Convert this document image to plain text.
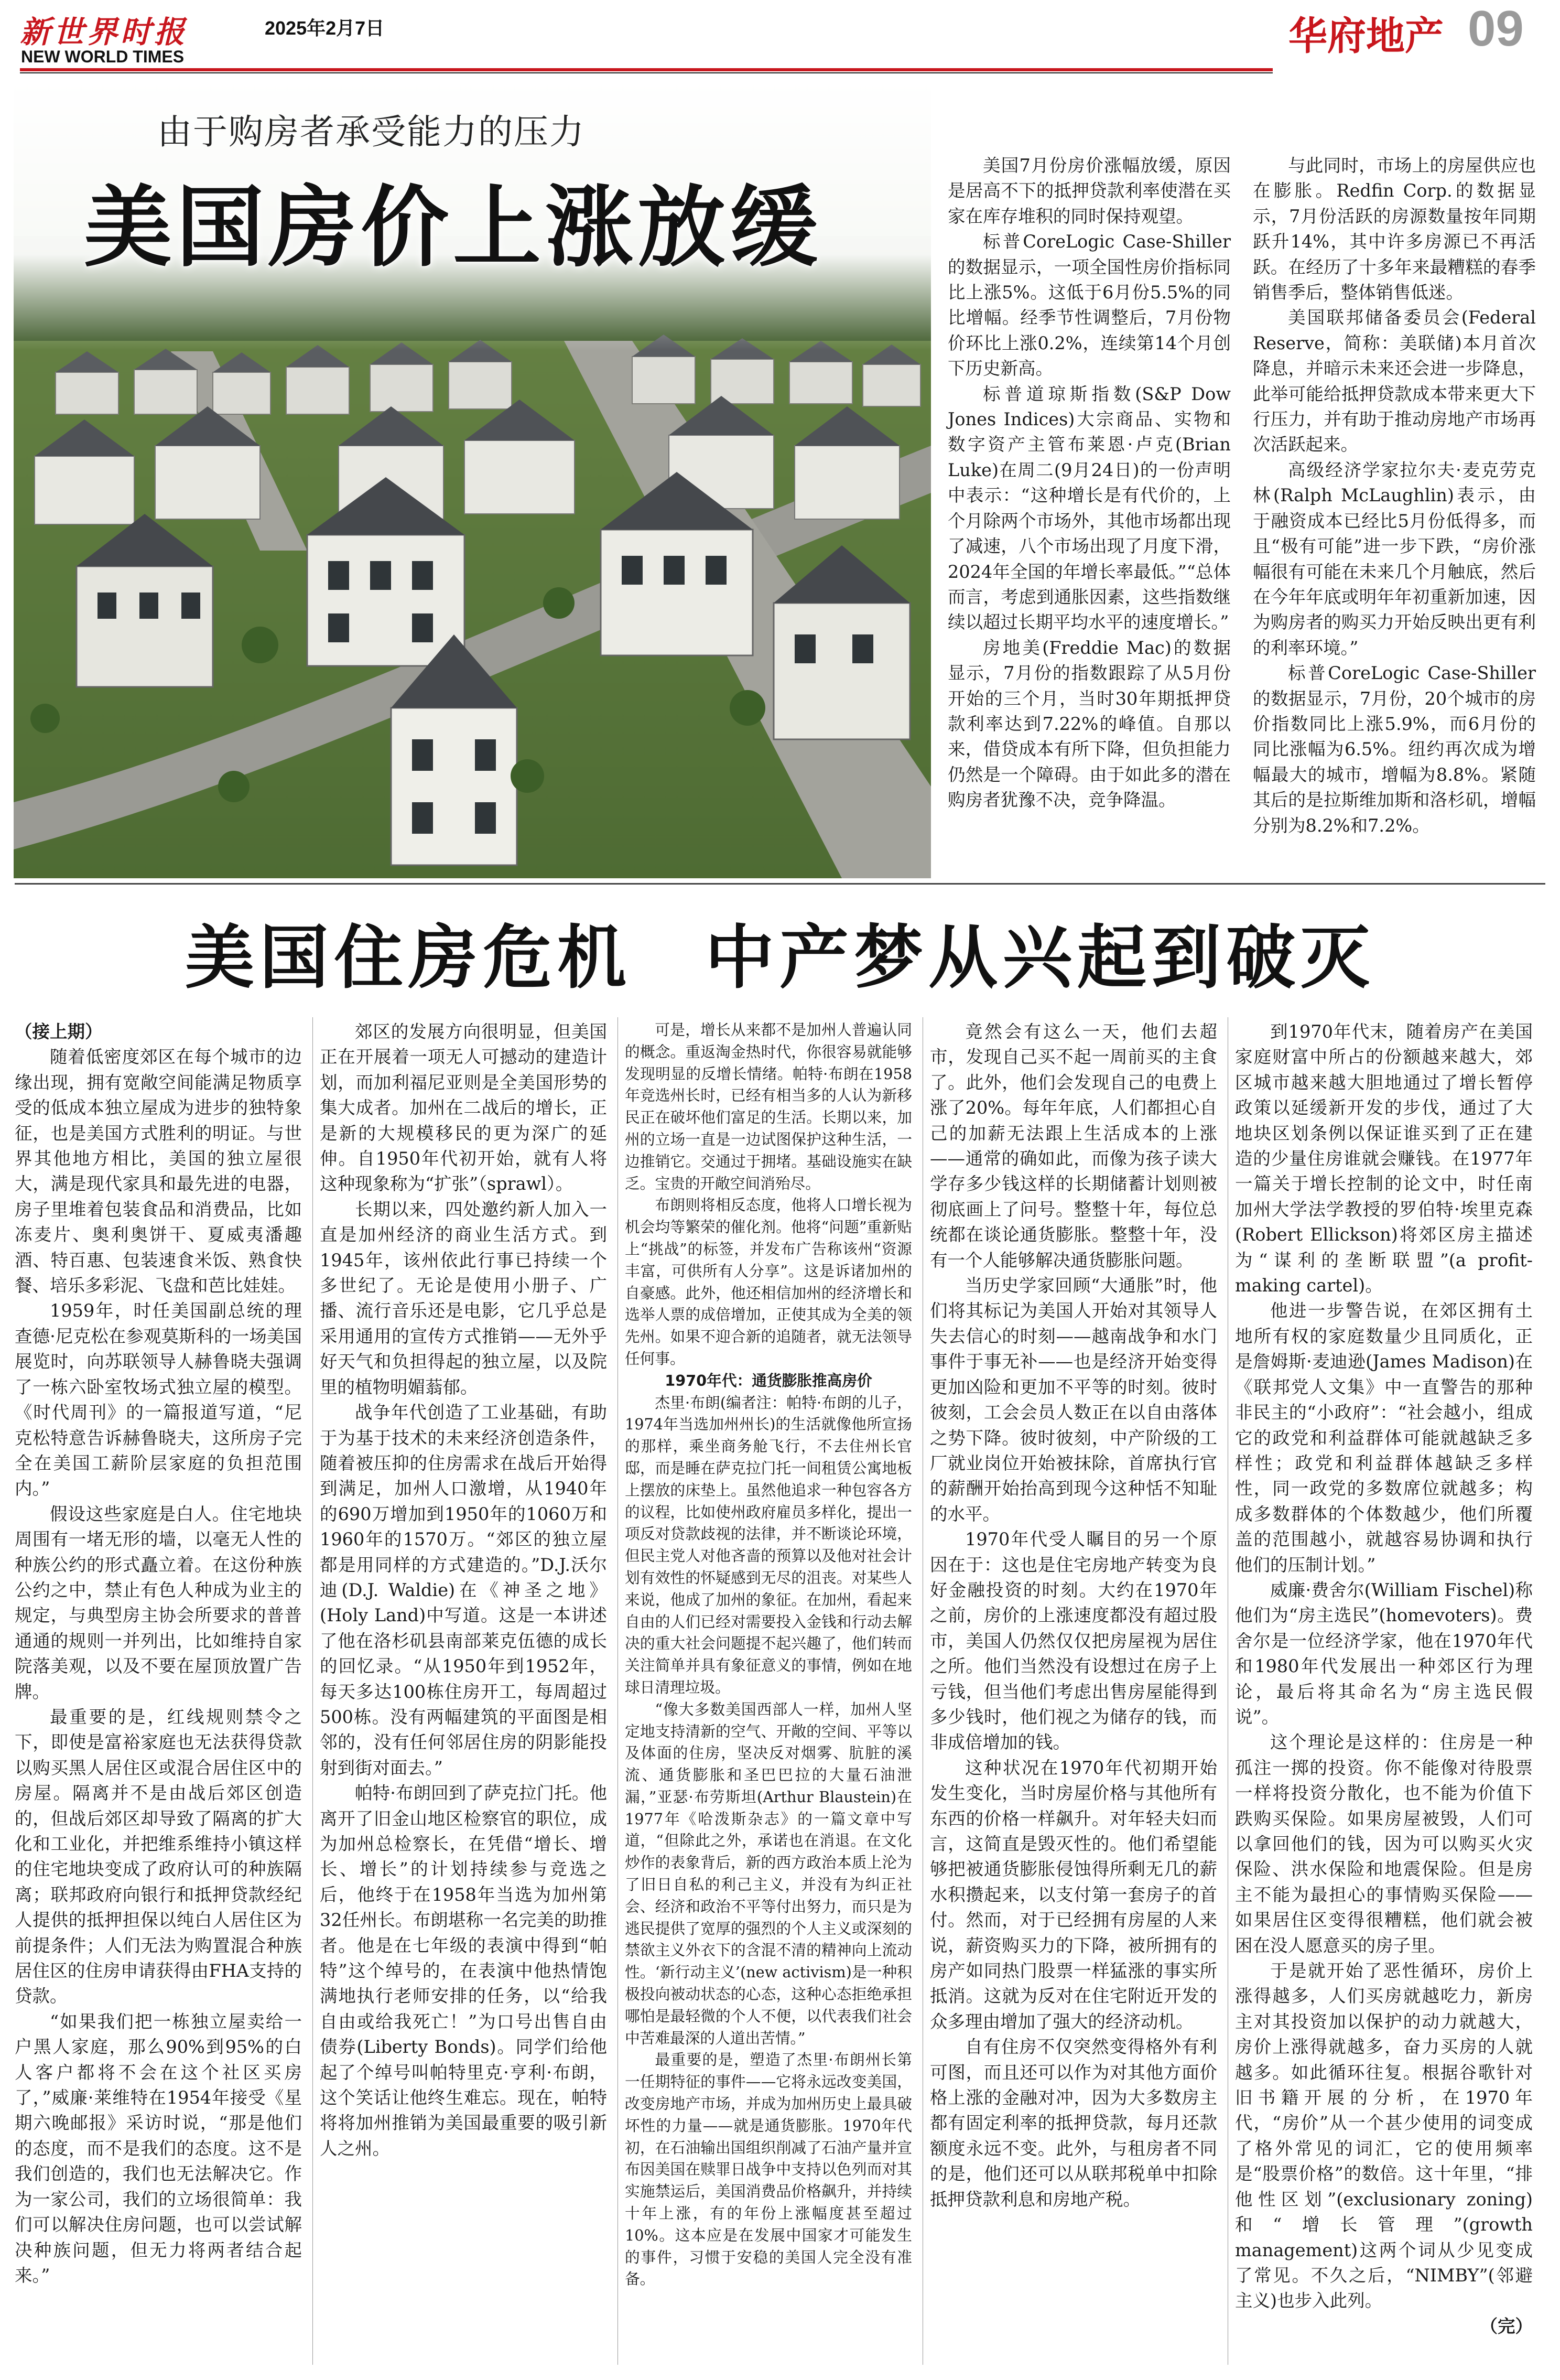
新世界时报
NEW WORLD TIMES
2025年2月7日	华府地产 09
由于购房者承受能力的压力
美国房价上涨放缓

美国7月份房价涨幅放缓，原因是居高不下的抵押贷款利率使潜在买家在库存堆积的同时保持观望。

标普CoreLogic Case-Shiller的数据显示，一项全国性房价指标同比上涨5%。这低于6月份5.5%的同比增幅。经季节性调整后，7月份物价环比上涨0.2%，连续第14个月创下历史新高。

标普道琼斯指数(S&P Dow Jones Indices)大宗商品、实物和数字资产主管布莱恩·卢克(Brian Luke)在周二(9月24日)的一份声明中表示：“这种增长是有代价的，上个月除两个市场外，其他市场都出现了减速，八个市场出现了月度下滑，2024年全国的年增长率最低。”“总体而言，考虑到通胀因素，这些指数继续以超过长期平均水平的速度增长。”

房地美(Freddie Mac)的数据显示，7月份的指数跟踪了从5月份开始的三个月，当时30年期抵押贷款利率达到7.22%的峰值。自那以来，借贷成本有所下降，但负担能力仍然是一个障碍。由于如此多的潜在购房者犹豫不决，竞争降温。

与此同时，市场上的房屋供应也在膨胀。Redfin Corp.的数据显示，7月份活跃的房源数量按年同期跃升14%，其中许多房源已不再活跃。在经历了十多年来最糟糕的春季销售季后，整体销售低迷。

美国联邦储备委员会(Federal Reserve，简称：美联储)本月首次降息，并暗示未来还会进一步降息，此举可能给抵押贷款成本带来更大下行压力，并有助于推动房地产市场再次活跃起来。

高级经济学家拉尔夫·麦克劳克林(Ralph McLaughlin)表示，由于融资成本已经比5月份低得多，而且“极有可能”进一步下跌，“房价涨幅很有可能在未来几个月触底，然后在今年年底或明年年初重新加速，因为购房者的购买力开始反映出更有利的利率环境。”

标普CoreLogic Case-Shiller的数据显示，7月份，20个城市的房价指数同比上涨5.9%，而6月份的同比涨幅为6.5%。纽约再次成为增幅最大的城市，增幅为8.8%。紧随其后的是拉斯维加斯和洛杉矶，增幅分别为8.2%和7.2%。

美国住房危机 中产梦从兴起到破灭

（接上期）

随着低密度郊区在每个城市的边缘出现，拥有宽敞空间能满足物质享受的低成本独立屋成为进步的独特象征，也是美国方式胜利的明证。与世界其他地方相比，美国的独立屋很大，满是现代家具和最先进的电器，房子里堆着包装食品和消费品，比如冻麦片、奥利奥饼干、夏威夷潘趣酒、特百惠、包装速食米饭、熟食快餐、培乐多彩泥、飞盘和芭比娃娃。

1959年，时任美国副总统的理查德·尼克松在参观莫斯科的一场美国展览时，向苏联领导人赫鲁晓夫强调了一栋六卧室牧场式独立屋的模型。《时代周刊》的一篇报道写道，“尼克松特意告诉赫鲁晓夫，这所房子完全在美国工薪阶层家庭的负担范围内。”

假设这些家庭是白人。住宅地块周围有一堵无形的墙，以毫无人性的种族公约的形式矗立着。在这份种族公约之中，禁止有色人种成为业主的规定，与典型房主协会所要求的普普通通的规则一并列出，比如维持自家院落美观，以及不要在屋顶放置广告牌。

最重要的是，红线规则禁令之下，即使是富裕家庭也无法获得贷款以购买黑人居住区或混合居住区中的房屋。隔离并不是由战后郊区创造的，但战后郊区却导致了隔离的扩大化和工业化，并把维系维持小镇这样的住宅地块变成了政府认可的种族隔离；联邦政府向银行和抵押贷款经纪人提供的抵押担保以纯白人居住区为前提条件；人们无法为购置混合种族居住区的住房申请获得由FHA支持的贷款。

“如果我们把一栋独立屋卖给一户黑人家庭，那么90%到95%的白人客户都将不会在这个社区买房了，”威廉·莱维特在1954年接受《星期六晚邮报》采访时说，“那是他们的态度，而不是我们的态度。这不是我们创造的，我们也无法解决它。作为一家公司，我们的立场很简单：我们可以解决住房问题，也可以尝试解决种族问题，但无力将两者结合起来。”

郊区的发展方向很明显，但美国正在开展着一项无人可撼动的建造计划，而加利福尼亚则是全美国形势的集大成者。加州在二战后的增长，正是新的大规模移民的更为深广的延伸。自1950年代初开始，就有人将这种现象称为“扩张”（sprawl）。

长期以来，四处邀约新人加入一直是加州经济的商业生活方式。到1945年，该州依此行事已持续一个多世纪了。无论是使用小册子、广播、流行音乐还是电影，它几乎总是采用通用的宣传方式推销——无外乎好天气和负担得起的独立屋，以及院里的植物明媚蓊郁。

战争年代创造了工业基础，有助于为基于技术的未来经济创造条件，随着被压抑的住房需求在战后开始得到满足，加州人口激增，从1940年的690万增加到1950年的1060万和1960年的1570万。“郊区的独立屋都是用同样的方式建造的。”D.J.沃尔迪(D.J. Waldie)在《神圣之地》(Holy Land)中写道。这是一本讲述了他在洛杉矶县南部莱克伍德的成长的回忆录。“从1950年到1952年，每天多达100栋住房开工，每周超过500栋。没有两幅建筑的平面图是相邻的，没有任何邻居住房的阴影能投射到街对面去。”

帕特·布朗回到了萨克拉门托。他离开了旧金山地区检察官的职位，成为加州总检察长，在凭借“增长、增长、增长”的计划持续参与竞选之后，他终于在1958年当选为加州第32任州长。布朗堪称一名完美的助推者。他是在七年级的表演中得到“帕特”这个绰号的，在表演中他热情饱满地执行老师安排的任务，以“给我自由或给我死亡！”为口号出售自由债券(Liberty Bonds)。同学们给他起了个绰号叫帕特里克·亨利·布朗，这个笑话让他终生难忘。现在，帕特将将加州推销为美国最重要的吸引新人之州。

可是，增长从来都不是加州人普遍认同的概念。重返淘金热时代，你很容易就能够发现明显的反增长情绪。帕特·布朗在1958年竞选州长时，已经有相当多的人认为新移民正在破坏他们富足的生活。长期以来，加州的立场一直是一边试图保护这种生活，一边推销它。交通过于拥堵。基础设施实在缺乏。宝贵的开敞空间消殆尽。

布朗则将相反态度，他将人口增长视为机会均等繁荣的催化剂。他将“问题”重新贴上“挑战”的标签，并发布广告称该州“资源丰富，可供所有人分享”。这是诉诸加州的自豪感。此外，他还相信加州的经济增长和选举人票的成倍增加，正使其成为全美的领先州。如果不迎合新的追随者，就无法领导任何事。

1970年代：通货膨胀推高房价

杰里·布朗(编者注：帕特·布朗的儿子，1974年当选加州州长)的生活就像他所宣扬的那样，乘坐商务舱飞行，不去住州长官邸，而是睡在萨克拉门托一间租赁公寓地板上摆放的床垫上。虽然他追求一种包容各方的议程，比如使州政府雇员多样化，提出一项反对贷款歧视的法律，并不断谈论环境，但民主党人对他吝啬的预算以及他对社会计划有效性的怀疑感到无尽的沮丧。对某些人来说，他成了加州的象征。在加州，看起来自由的人们已经对需要投入金钱和行动去解决的重大社会问题提不起兴趣了，他们转而关注简单并具有象征意义的事情，例如在地球日清理垃圾。

“像大多数美国西部人一样，加州人坚定地支持清新的空气、开敞的空间、平等以及体面的住房，坚决反对烟雾、肮脏的溪流、通货膨胀和圣巴巴拉的大量石油泄漏，”亚瑟·布劳斯坦(Arthur Blaustein)在1977年《哈泼斯杂志》的一篇文章中写道，“但除此之外，承诺也在消退。在文化炒作的表象背后，新的西方政治本质上沦为了旧日自私的利己主义，并没有为纠正社会、经济和政治不平等付出努力，而只是为逃民提供了宽厚的强烈的个人主义或深刻的禁欲主义外衣下的含混不清的精神向上流动性。‘新行动主义’(new activism)是一种积极投向被动状态的心态，这种心态拒绝承担哪怕是最轻微的个人不便，以代表我们社会中苦难最深的人道出苦情。”

最重要的是，塑造了杰里·布朗州长第一任期特征的事件——它将永远改变美国，改变房地产市场，并成为加州历史上最具破坏性的力量——就是通货膨胀。1970年代初，在石油输出国组织削减了石油产量并宣布因美国在赎罪日战争中支持以色列而对其实施禁运后，美国消费品价格飙升，并持续十年上涨，有的年份上涨幅度甚至超过10%。这本应是在发展中国家才可能发生的事件，习惯于安稳的美国人完全没有准备。

竟然会有这么一天，他们去超市，发现自己买不起一周前买的主食了。此外，他们会发现自己的电费上涨了20%。每年年底，人们都担心自己的加薪无法跟上生活成本的上涨——通常的确如此，而像为孩子读大学存多少钱这样的长期储蓄计划则被彻底画上了问号。整整十年，每位总统都在谈论通货膨胀。整整十年，没有一个人能够解决通货膨胀问题。

当历史学家回顾“大通胀”时，他们将其标记为美国人开始对其领导人失去信心的时刻——越南战争和水门事件于事无补——也是经济开始变得更加凶险和更加不平等的时刻。彼时彼刻，工会会员人数正在以自由落体之势下降。彼时彼刻，中产阶级的工厂就业岗位开始被抹除，首席执行官的薪酬开始抬高到现今这种恬不知耻的水平。

1970年代受人瞩目的另一个原因在于：这也是住宅房地产转变为良好金融投资的时刻。大约在1970年之前，房价的上涨速度都没有超过股市，美国人仍然仅仅把房屋视为居住之所。他们当然没有设想过在房子上亏钱，但当他们考虑出售房屋能得到多少钱时，他们视之为储存的钱，而非成倍增加的钱。

这种状况在1970年代初期开始发生变化，当时房屋价格与其他所有东西的价格一样飙升。对年轻夫妇而言，这简直是毁灭性的。他们希望能够把被通货膨胀侵蚀得所剩无几的薪水积攒起来，以支付第一套房子的首付。然而，对于已经拥有房屋的人来说，薪资购买力的下降，被所拥有的房产如同热门股票一样猛涨的事实所抵消。这就为反对在住宅附近开发的众多理由增加了强大的经济动机。

自有住房不仅突然变得格外有利可图，而且还可以作为对其他方面价格上涨的金融对冲，因为大多数房主都有固定利率的抵押贷款，每月还款额度永远不变。此外，与租房者不同的是，他们还可以从联邦税单中扣除抵押贷款利息和房地产税。

到1970年代末，随着房产在美国家庭财富中所占的份额越来越大，郊区城市越来越大胆地通过了增长暂停政策以延缓新开发的步伐，通过了大地块区划条例以保证谁买到了正在建造的少量住房谁就会赚钱。在1977年一篇关于增长控制的论文中，时任南加州大学法学教授的罗伯特·埃里克森(Robert Ellickson)将郊区房主描述为“谋利的垄断联盟”(a profit-making cartel)。

他进一步警告说，在郊区拥有土地所有权的家庭数量少且同质化，正是詹姆斯·麦迪逊(James Madison)在《联邦党人文集》中一直警告的那种非民主的“小政府”：“社会越小，组成它的政党和利益群体可能就越缺乏多样性；政党和利益群体越缺乏多样性，同一政党的多数席位就越多；构成多数群体的个体数越少，他们所覆盖的范围越小，就越容易协调和执行他们的压制计划。”

威廉·费舍尔(William Fischel)称他们为“房主选民”(homevoters)。费舍尔是一位经济学家，他在1970年代和1980年代发展出一种郊区行为理论，最后将其命名为“房主选民假说”。

这个理论是这样的：住房是一种孤注一掷的投资。你不能像对待股票一样将投资分散化，也不能为价值下跌购买保险。如果房屋被毁，人们可以拿回他们的钱，因为可以购买火灾保险、洪水保险和地震保险。但是房主不能为最担心的事情购买保险——如果居住区变得很糟糕，他们就会被困在没人愿意买的房子里。

于是就开始了恶性循环，房价上涨得越多，人们买房就越吃力，新房主对其投资加以保护的动力就越大，房价上涨得就越多，奋力买房的人就越多。如此循环往复。根据谷歌针对旧书籍开展的分析，在1970年代，“房价”从一个甚少使用的词变成了格外常见的词汇，它的使用频率是“股票价格”的数倍。这十年里，“排他性区划”(exclusionary zoning)和“增长管理”(growth management)这两个词从少见变成了常见。不久之后，“NIMBY”(邻避主义)也步入此列。

（完）
